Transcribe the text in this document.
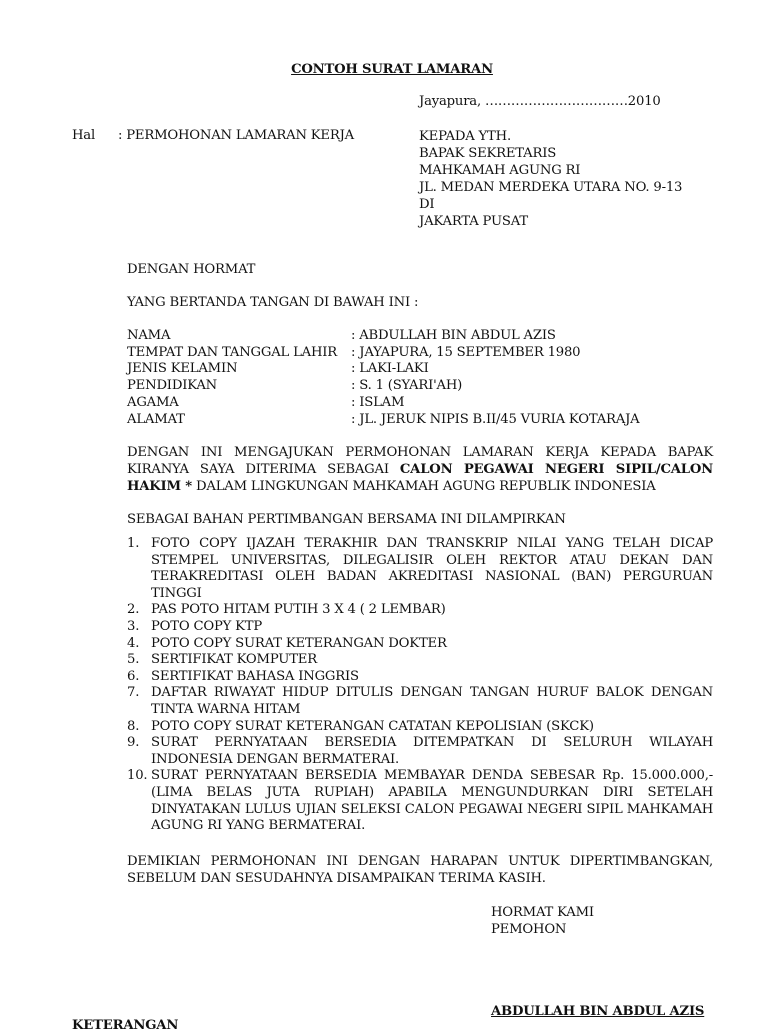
CONTOH SURAT LAMARAN
Jayapura, ……………………………2010
Hal : PERMOHONAN LAMARAN KERJA	KEPADA YTH.
BAPAK SEKRETARIS
MAHKAMAH AGUNG RI
JL. MEDAN MERDEKA UTARA NO. 9-13
DI
JAKARTA PUSAT
DENGAN HORMAT
YANG BERTANDA TANGAN DI BAWAH INI :
NAMA	: ABDULLAH BIN ABDUL AZIS
TEMPAT DAN TANGGAL LAHIR : JAYAPURA, 15 SEPTEMBER 1980
JENIS KELAMIN	: LAKI-LAKI
PENDIDIKAN	: S. 1 (SYARI'AH)
AGAMA	: ISLAM
ALAMAT	: JL. JERUK NIPIS B.II/45 VURIA KOTARAJA
DENGAN INI MENGAJUKAN PERMOHONAN LAMARAN KERJA KEPADA BAPAK KIRANYA SAYA DITERIMA SEBAGAI CALON PEGAWAI NEGERI SIPIL/CALON HAKIM * DALAM LINGKUNGAN MAHKAMAH AGUNG REPUBLIK INDONESIA
SEBAGAI BAHAN PERTIMBANGAN BERSAMA INI DILAMPIRKAN
1. FOTO COPY IJAZAH TERAKHIR DAN TRANSKRIP NILAI YANG TELAH DICAP STEMPEL UNIVERSITAS, DILEGALISIR OLEH REKTOR ATAU DEKAN DAN TERAKREDITASI OLEH BADAN AKREDITASI NASIONAL (BAN) PERGURUAN TINGGI
2. PAS POTO HITAM PUTIH 3 X 4 ( 2 LEMBAR)
3. POTO COPY KTP
4. POTO COPY SURAT KETERANGAN DOKTER
5. SERTIFIKAT KOMPUTER
6. SERTIFIKAT BAHASA INGGRIS
7. DAFTAR RIWAYAT HIDUP DITULIS DENGAN TANGAN HURUF BALOK DENGAN TINTA WARNA HITAM
8. POTO COPY SURAT KETERANGAN CATATAN KEPOLISIAN (SKCK)
9. SURAT PERNYATAAN BERSEDIA DITEMPATKAN DI SELURUH WILAYAH INDONESIA DENGAN BERMATERAI.
10. SURAT PERNYATAAN BERSEDIA MEMBAYAR DENDA SEBESAR Rp. 15.000.000,- (LIMA BELAS JUTA RUPIAH) APABILA MENGUNDURKAN DIRI SETELAH DINYATAKAN LULUS UJIAN SELEKSI CALON PEGAWAI NEGERI SIPIL MAHKAMAH AGUNG RI YANG BERMATERAI.
DEMIKIAN PERMOHONAN INI DENGAN HARAPAN UNTUK DIPERTIMBANGKAN, SEBELUM DAN SESUDAHNYA DISAMPAIKAN TERIMA KASIH.
HORMAT KAMI
PEMOHON
ABDULLAH BIN ABDUL AZIS
KETERANGAN
